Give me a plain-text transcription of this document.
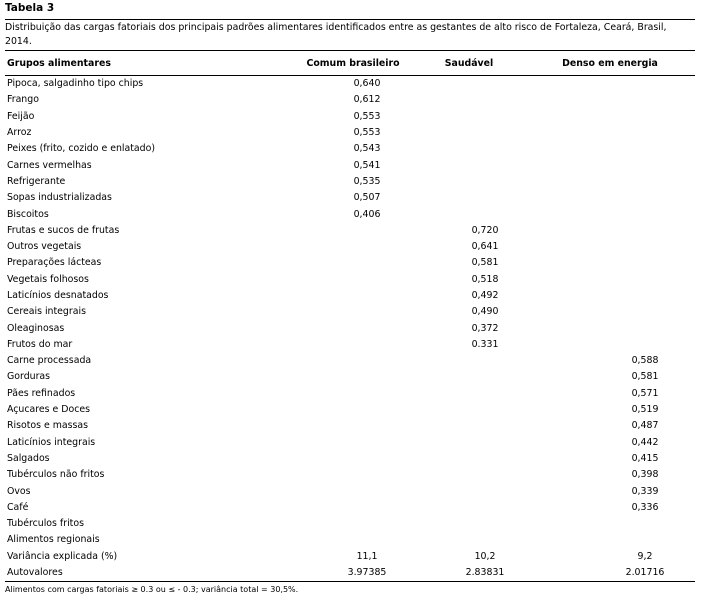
Tabela 3
Distribuição das cargas fatoriais dos principais padrões alimentares identificados entre as gestantes de alto risco de Fortaleza, Ceará, Brasil, 2014.
Grupos alimentares	Comum brasileiro	Saudável	Denso em energia
Pipoca, salgadinho tipo chips	0,640		
Frango	0,612		
Feijão	0,553		
Arroz	0,553		
Peixes (frito, cozido e enlatado)	0,543		
Carnes vermelhas	0,541		
Refrigerante	0,535		
Sopas industrializadas	0,507		
Biscoitos	0,406		
Frutas e sucos de frutas		0,720	
Outros vegetais		0,641	
Preparações lácteas		0,581	
Vegetais folhosos		0,518	
Laticínios desnatados		0,492	
Cereais integrais		0,490	
Oleaginosas		0,372	
Frutos do mar		0.331	
Carne processada			0,588
Gorduras			0,581
Pães refinados			0,571
Açucares e Doces			0,519
Risotos e massas			0,487
Laticínios integrais			0,442
Salgados			0,415
Tubérculos não fritos			0,398
Ovos			0,339
Café			0,336
Tubérculos fritos			
Alimentos regionais			
Variância explicada (%)	11,1	10,2	9,2
Autovalores	3.97385	2.83831	2.01716
Alimentos com cargas fatoriais ≥ 0.3 ou ≤ - 0.3; variância total = 30,5%.
